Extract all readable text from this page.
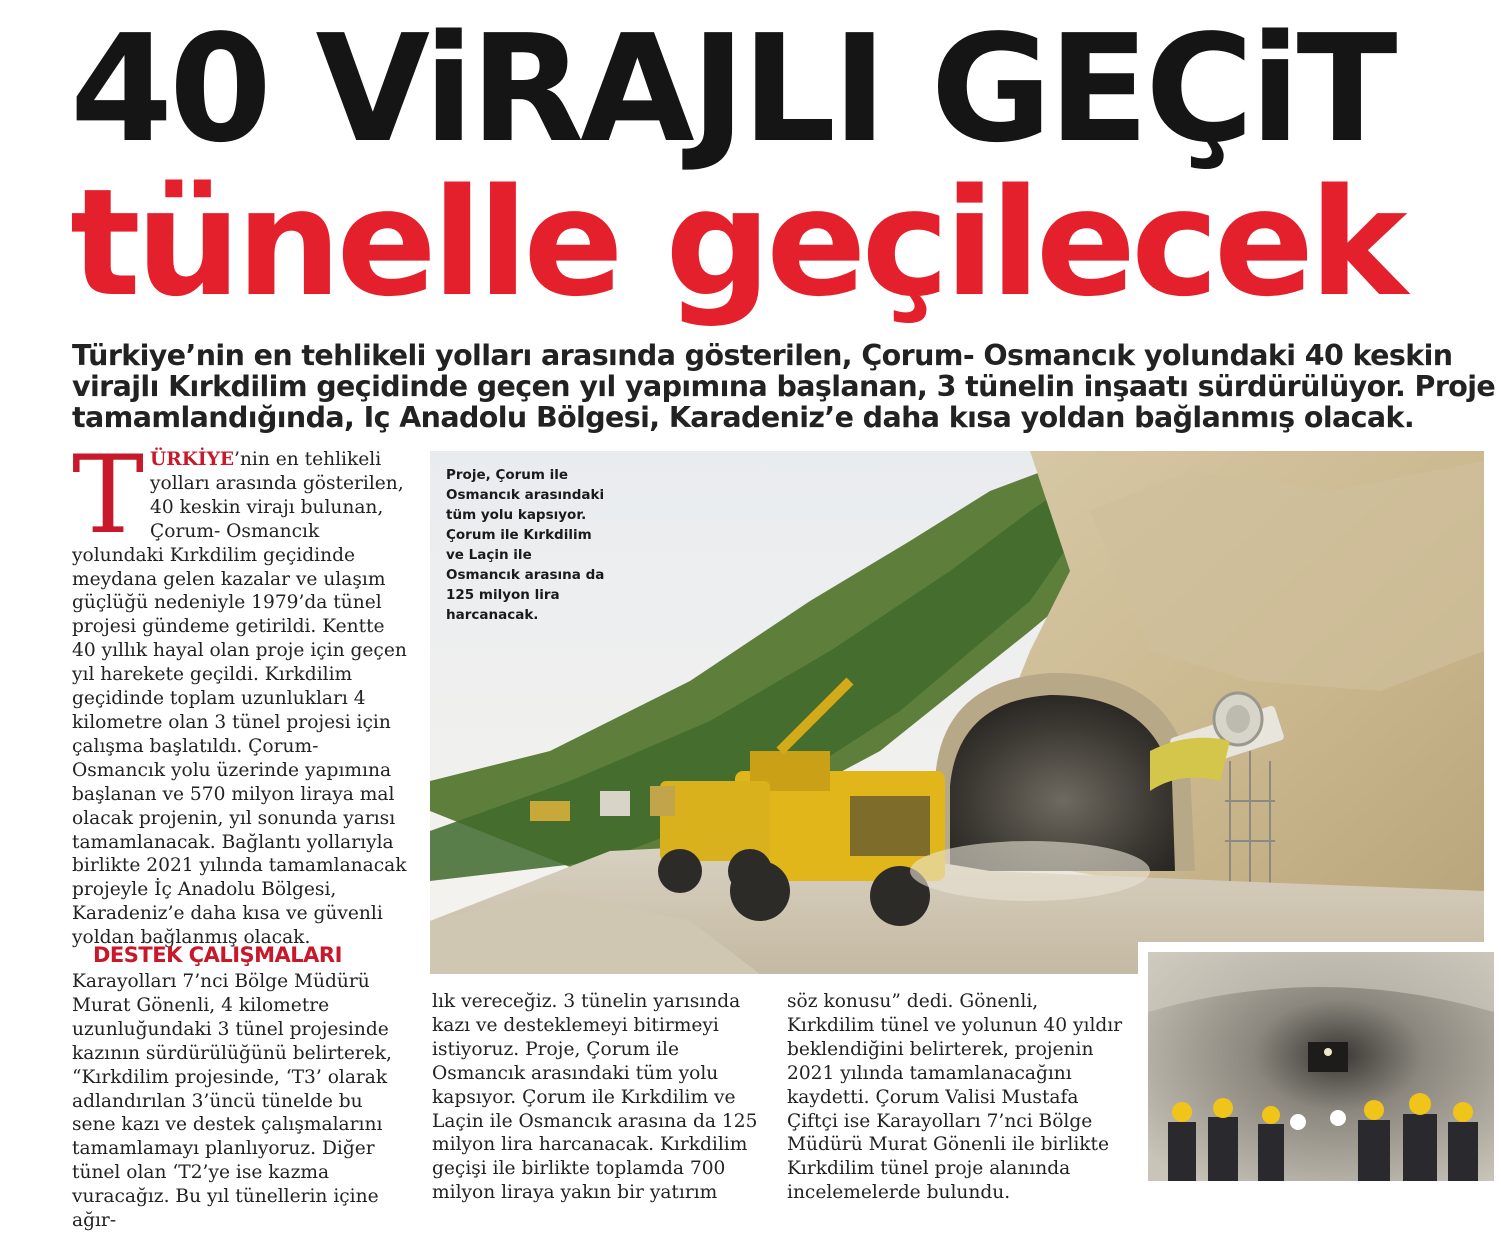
40 ViRAJLI GEÇiT
tünelle geçilecek
Türkiye’nin en tehlikeli yolları arasında gösterilen, Çorum- Osmancık yolundaki 40 keskin virajlı Kırkdilim geçidinde geçen yıl yapımına başlanan, 3 tünelin inşaatı sürdürülüyor. Proje tamamlandığında, Iç Anadolu Bölgesi, Karadeniz’e daha kısa yoldan bağlanmış olacak.
T ÜRKİYE’nin en tehlikeli yolları arasında gösterilen, 40 keskin virajı bulunan, Çorum- Osmancık yolundaki Kırkdilim geçidinde meydana gelen kazalar ve ulaşım güçlüğü nedeniyle 1979’da tünel projesi gündeme getirildi. Kentte 40 yıllık hayal olan proje için geçen yıl harekete geçildi. Kırkdilim geçidinde toplam uzunlukları 4 kilometre olan 3 tünel projesi için çalışma başlatıldı. Çorum- Osmancık yolu üzerinde yapımına başlanan ve 570 milyon liraya mal olacak projenin, yıl sonunda yarısı tamamlanacak. Bağlantı yollarıyla birlikte 2021 yılında tamamlanacak projeyle İç Anadolu Bölgesi, Karadeniz’e daha kısa ve güvenli yoldan bağlanmış olacak.

DESTEK ÇALIŞMALARI

Karayolları 7’nci Bölge Müdürü Murat Gönenli, 4 kilometre uzunluğundaki 3 tünel projesinde kazının sürdürülüğünü belirterek, “Kırkdilim projesinde, ‘T3’ olarak adlandırılan 3’üncü tünelde bu sene kazı ve destek çalışmalarını tamamlamayı planlıyoruz. Diğer tünel olan ‘T2’ye ise kazma vuracağız. Bu yıl tünellerin içine ağır-

lık vereceğiz. 3 tünelin yarısında kazı ve desteklemeyi bitirmeyi istiyoruz. Proje, Çorum ile Osmancık arasındaki tüm yolu kapsıyor. Çorum ile Kırkdilim ve Laçin ile Osmancık arasına da 125 milyon lira harcanacak. Kırkdilim geçişi ile birlikte toplamda 700 milyon liraya yakın bir yatırım

söz konusu” dedi. Gönenli, Kırkdilim tünel ve yolunun 40 yıldır beklendiğini belirterek, projenin 2021 yılında tamamlanacağını kaydetti. Çorum Valisi Mustafa Çiftçi ise Karayolları 7’nci Bölge Müdürü Murat Gönenli ile birlikte Kırkdilim tünel proje alanında incelemelerde bulundu.

Proje, Çorum ile Osmancık arasındaki tüm yolu kapsıyor. Çorum ile Kırkdilim ve Laçin ile Osmancık arasına da 125 milyon lira harcanacak.
